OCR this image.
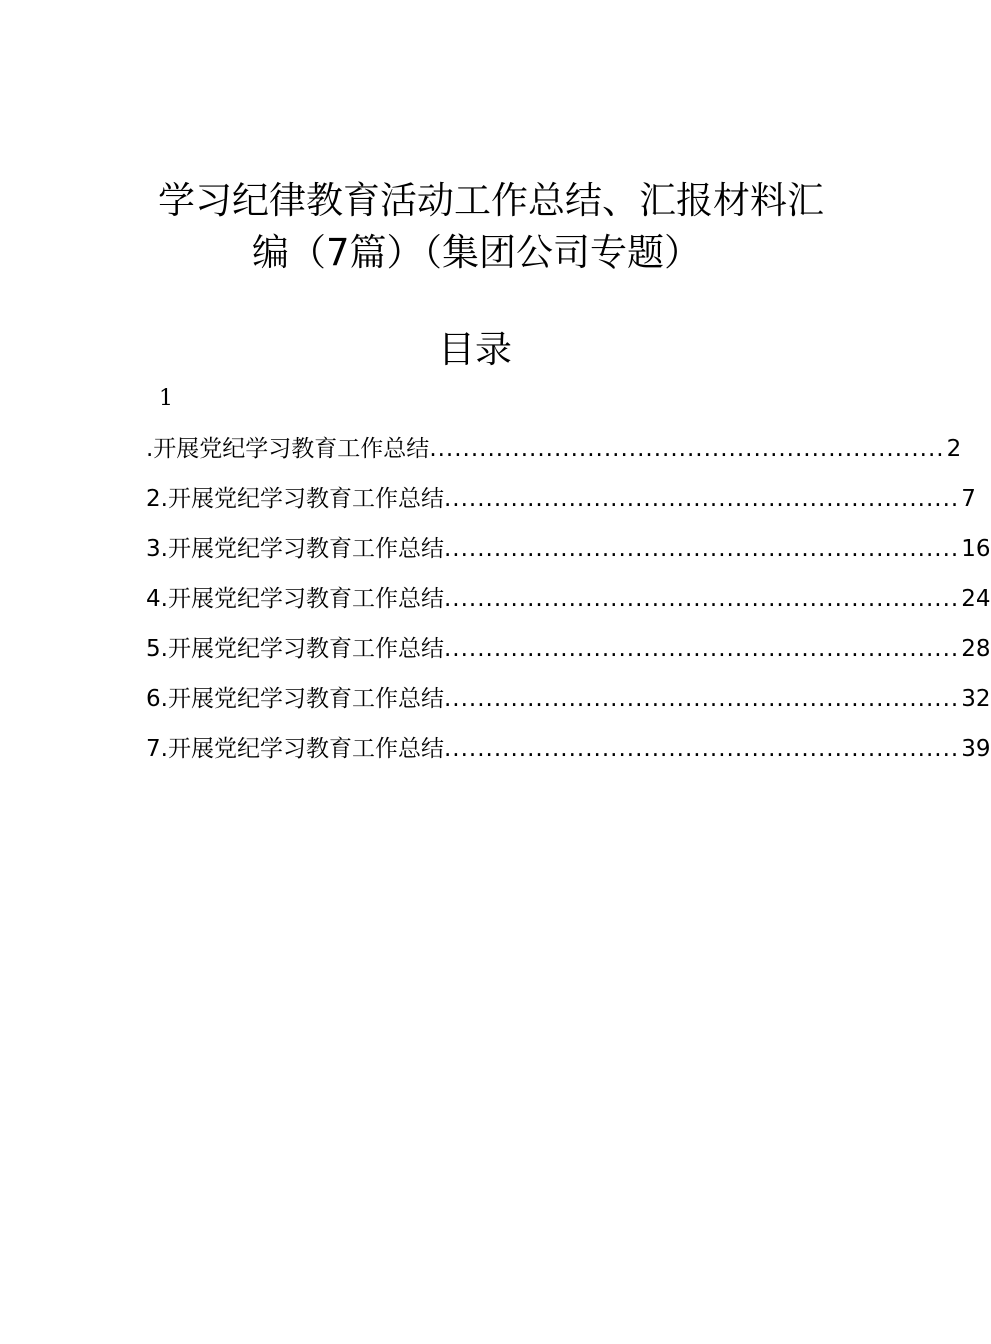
学习纪律教育活动工作总结、汇报材料汇
编（7篇）（集团公司专题）
目录
1
.开展党纪学习教育工作总结 .............................................................. 2
2.开展党纪学习教育工作总结 .............................................................. 7
3.开展党纪学习教育工作总结 .............................................................. 16
4.开展党纪学习教育工作总结 .............................................................. 24
5.开展党纪学习教育工作总结 .............................................................. 28
6.开展党纪学习教育工作总结 .............................................................. 32
7.开展党纪学习教育工作总结 .............................................................. 39
